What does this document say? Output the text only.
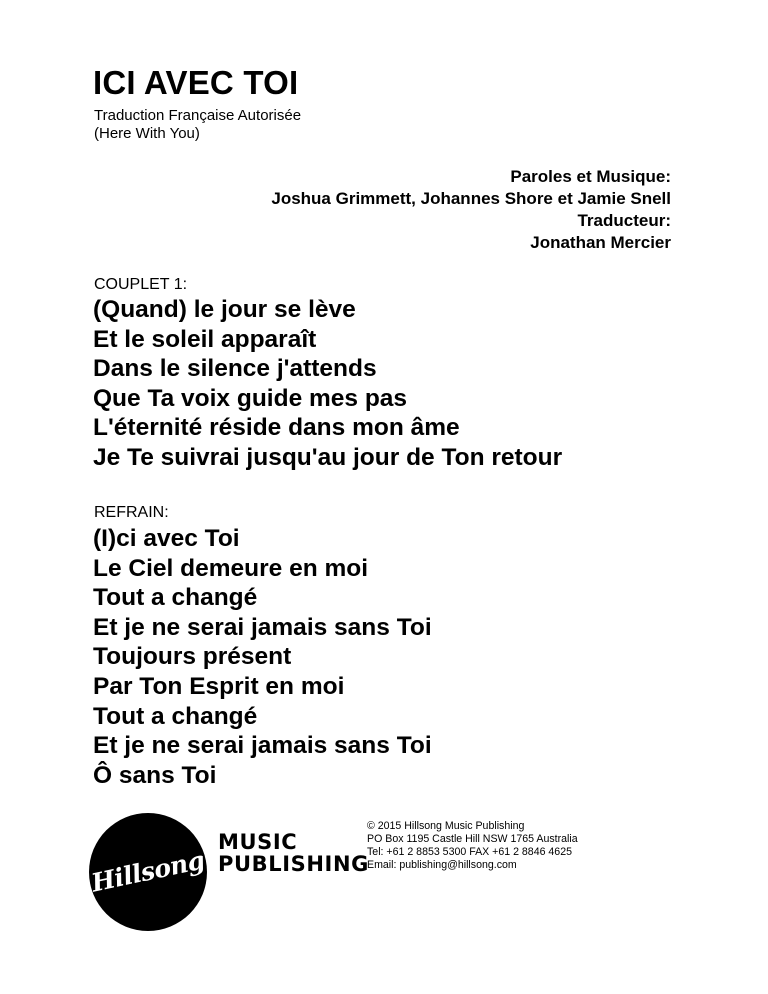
ICI AVEC TOI
Traduction Française Autorisée
(Here With You)
Paroles et Musique:
Joshua Grimmett, Johannes Shore et Jamie Snell
Traducteur:
Jonathan Mercier
COUPLET 1:
(Quand) le jour se lève
Et le soleil apparaît
Dans le silence j'attends
Que Ta voix guide mes pas
L'éternité réside dans mon âme
Je Te suivrai jusqu'au jour de Ton retour
REFRAIN:
(I)ci avec Toi
Le Ciel demeure en moi
Tout a changé
Et je ne serai jamais sans Toi
Toujours présent
Par Ton Esprit en moi
Tout a changé
Et je ne serai jamais sans Toi
Ô sans Toi
Hillsong
MUSIC
PUBLISHING
© 2015 Hillsong Music Publishing
PO Box 1195 Castle Hill NSW 1765 Australia
Tel: +61 2 8853 5300 FAX +61 2 8846 4625
Email: publishing@hillsong.com
